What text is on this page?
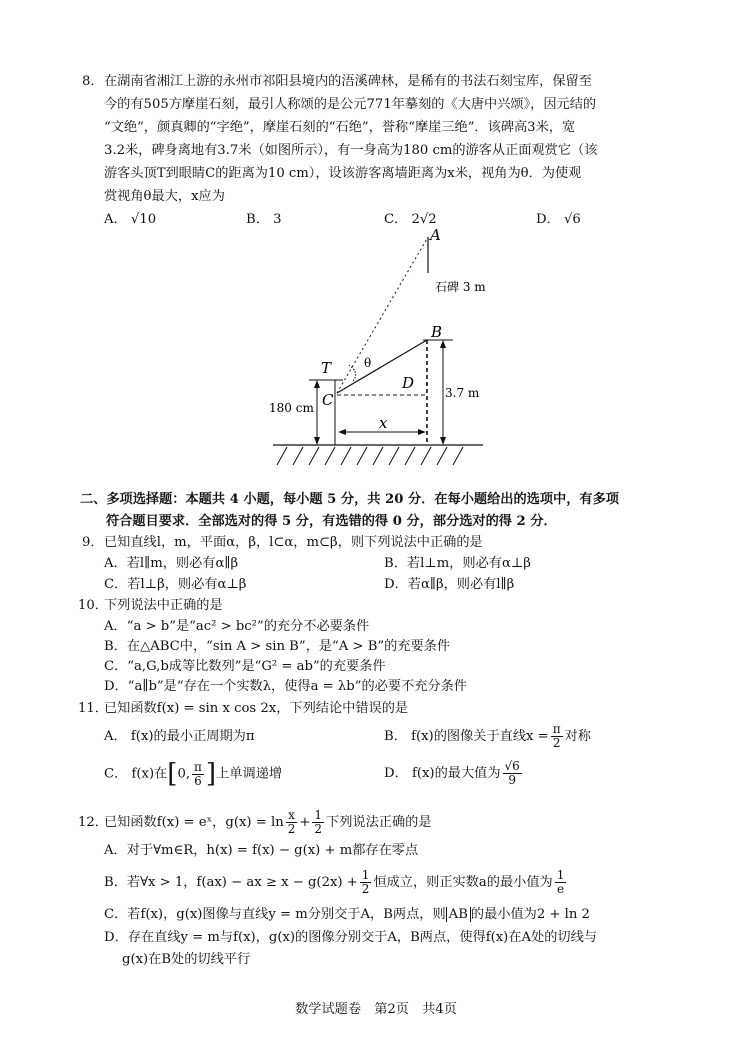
8． 在湖南省湘江上游的永州市祁阳县境内的浯溪碑林，是稀有的书法石刻宝库，保留至
今的有505方摩崖石刻，最引人称颂的是公元771年摹刻的《大唐中兴颂》，因元结的
“文绝”，颜真卿的“字绝”，摩崖石刻的“石绝”，誉称“摩崖三绝”．该碑高3米，宽
3.2米，碑身离地有3.7米（如图所示），有一身高为180 cm的游客从正面观赏它（该
游客头顶T到眼睛C的距离为10 cm），设该游客离墙距离为x米，视角为θ．为使观
赏视角θ最大，x应为
A． √10	B． 3	C． 2√2	D． √6
A
石碑 3 m
B
3.7 m
D
θ
T
C
180 cm
x
二、多项选择题：本题共 4 小题，每小题 5 分，共 20 分．在每小题给出的选项中，有多项
符合题目要求．全部选对的得 5 分，有选错的得 0 分，部分选对的得 2 分．
9． 已知直线l，m，平面α，β，l⊂α，m⊂β，则下列说法中正确的是
A．若l∥m，则必有α∥β	B．若l⊥m，则必有α⊥β
C．若l⊥β，则必有α⊥β	D．若α∥β，则必有l∥β
10．
下列说法中正确的是
A．“a > b”是“ac² > bc²”的充分不必要条件
B．在△ABC中，“sin A > sin B”，是“A > B”的充要条件
C．“a,G,b成等比数列”是“G² = ab”的充要条件
D．“a∥b”是“存在一个实数λ，使得a = λb”的必要不充分条件
11．
已知函数f(x) = sin x cos 2x，下列结论中错误的是
A． f(x)的最小正周期为π	B． f(x)的图像关于直线$x = \frac{\pi}{2}$ 对称
C． f(x)在[0, $\frac{\pi}{6}$ ]上单调递增	D． f(x)的最大值为 $\frac{√6}{9}$
12．
已知函数f(x) = eˣ，$g(x) = \ln \frac{x}{2} + \frac{1}{2}$ 下列说法正确的是
A．对于∀m∈R，h(x) = f(x) − g(x) + m都存在零点
B．若∀x > 1，f(ax) − ax ≥ $x - g(2x) + \frac{1}{2}$ 恒成立，则正实数a的最小值为 $\frac{1}{e}$
C．若f(x)，g(x)图像与直线y = m分别交于A，B两点，则 AB 的最小值为2 + ln 2
D．存在直线y = m与f(x)，g(x)的图像分别交于A，B两点，使得f(x)在A处的切线与
g(x)在B处的切线平行
数学试题卷　第2页　共4页
